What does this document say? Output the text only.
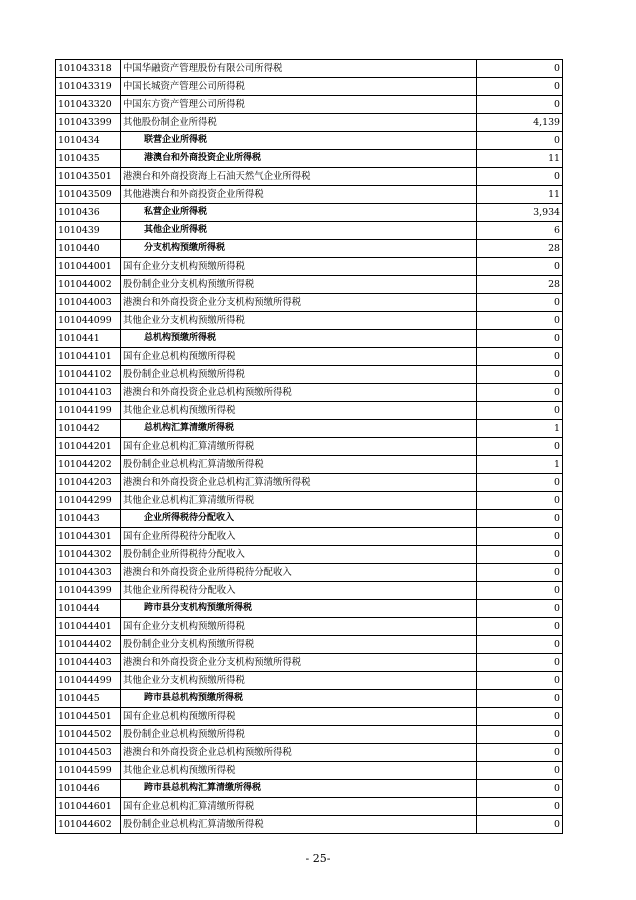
101043318	中国华融资产管理股份有限公司所得税	0
101043319	中国长城资产管理公司所得税	0
101043320	中国东方资产管理公司所得税	0
101043399	其他股份制企业所得税	4,139
1010434	联营企业所得税	0
1010435	港澳台和外商投资企业所得税	11
101043501	港澳台和外商投资海上石油天然气企业所得税	0
101043509	其他港澳台和外商投资企业所得税	11
1010436	私营企业所得税	3,934
1010439	其他企业所得税	6
1010440	分支机构预缴所得税	28
101044001	国有企业分支机构预缴所得税	0
101044002	股份制企业分支机构预缴所得税	28
101044003	港澳台和外商投资企业分支机构预缴所得税	0
101044099	其他企业分支机构预缴所得税	0
1010441	总机构预缴所得税	0
101044101	国有企业总机构预缴所得税	0
101044102	股份制企业总机构预缴所得税	0
101044103	港澳台和外商投资企业总机构预缴所得税	0
101044199	其他企业总机构预缴所得税	0
1010442	总机构汇算清缴所得税	1
101044201	国有企业总机构汇算清缴所得税	0
101044202	股份制企业总机构汇算清缴所得税	1
101044203	港澳台和外商投资企业总机构汇算清缴所得税	0
101044299	其他企业总机构汇算清缴所得税	0
1010443	企业所得税待分配收入	0
101044301	国有企业所得税待分配收入	0
101044302	股份制企业所得税待分配收入	0
101044303	港澳台和外商投资企业所得税待分配收入	0
101044399	其他企业所得税待分配收入	0
1010444	跨市县分支机构预缴所得税	0
101044401	国有企业分支机构预缴所得税	0
101044402	股份制企业分支机构预缴所得税	0
101044403	港澳台和外商投资企业分支机构预缴所得税	0
101044499	其他企业分支机构预缴所得税	0
1010445	跨市县总机构预缴所得税	0
101044501	国有企业总机构预缴所得税	0
101044502	股份制企业总机构预缴所得税	0
101044503	港澳台和外商投资企业总机构预缴所得税	0
101044599	其他企业总机构预缴所得税	0
1010446	跨市县总机构汇算清缴所得税	0
101044601	国有企业总机构汇算清缴所得税	0
101044602	股份制企业总机构汇算清缴所得税	0
- 25-
